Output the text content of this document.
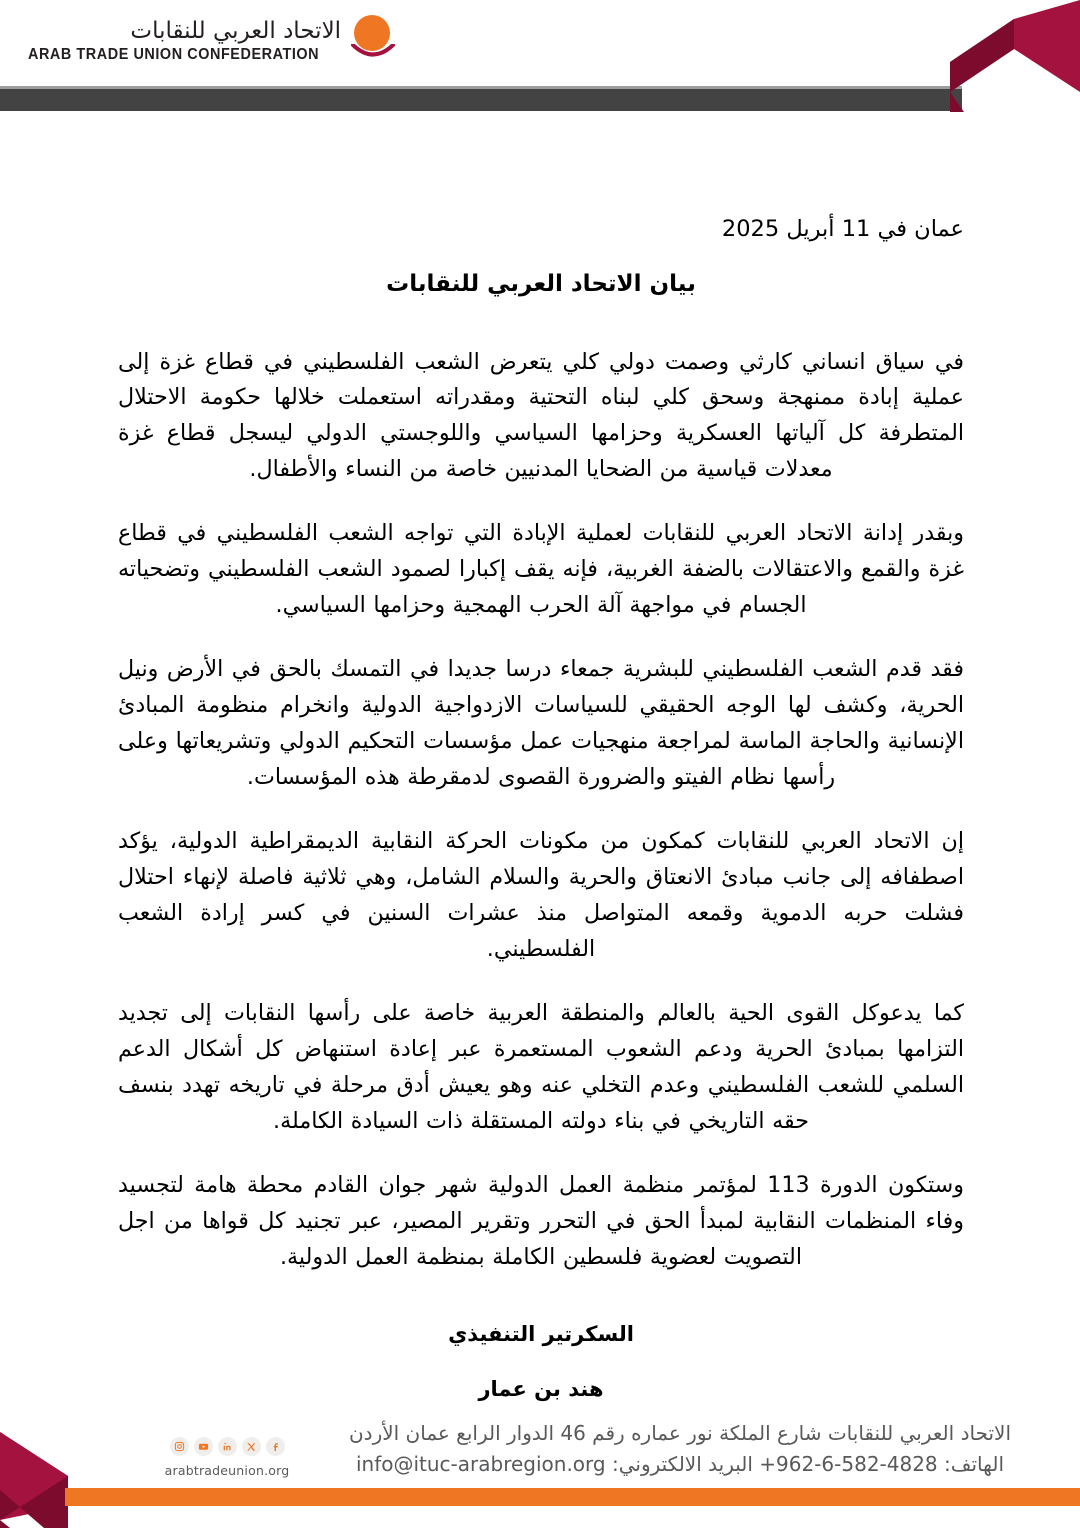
الاتحاد العربي للنقابات
ARAB TRADE UNION CONFEDERATION
عمان في 11 أبريل 2025
بيان الاتحاد العربي للنقابات

في سياق انساني كارثي وصمت دولي كلي يتعرض الشعب الفلسطيني في قطاع غزة إلى عملية إبادة ممنهجة وسحق كلي لبناه التحتية ومقدراته استعملت خلالها حكومة الاحتلال المتطرفة كل آلياتها العسكرية وحزامها السياسي واللوجستي الدولي ليسجل قطاع غزة معدلات قياسية من الضحايا المدنيين خاصة من النساء والأطفال.

وبقدر إدانة الاتحاد العربي للنقابات لعملية الإبادة التي تواجه الشعب الفلسطيني في قطاع غزة والقمع والاعتقالات بالضفة الغربية، فإنه يقف إكبارا لصمود الشعب الفلسطيني وتضحياته الجسام في مواجهة آلة الحرب الهمجية وحزامها السياسي.

فقد قدم الشعب الفلسطيني للبشرية جمعاء درسا جديدا في التمسك بالحق في الأرض ونيل الحرية، وكشف لها الوجه الحقيقي للسياسات الازدواجية الدولية وانخرام منظومة المبادئ الإنسانية والحاجة الماسة لمراجعة منهجيات عمل مؤسسات التحكيم الدولي وتشريعاتها وعلى رأسها نظام الفيتو والضرورة القصوى لدمقرطة هذه المؤسسات.

إن الاتحاد العربي للنقابات كمكون من مكونات الحركة النقابية الديمقراطية الدولية، يؤكد اصطفافه إلى جانب مبادئ الانعتاق والحرية والسلام الشامل، وهي ثلاثية فاصلة لإنهاء احتلال فشلت حربه الدموية وقمعه المتواصل منذ عشرات السنين في كسر إرادة الشعب الفلسطيني.

كما يدعوكل القوى الحية بالعالم والمنطقة العربية خاصة على رأسها النقابات إلى تجديد التزامها بمبادئ الحرية ودعم الشعوب المستعمرة عبر إعادة استنهاض كل أشكال الدعم السلمي للشعب الفلسطيني وعدم التخلي عنه وهو يعيش أدق مرحلة في تاريخه تهدد بنسف حقه التاريخي في بناء دولته المستقلة ذات السيادة الكاملة.

وستكون الدورة 113 لمؤتمر منظمة العمل الدولية شهر جوان القادم محطة هامة لتجسيد وفاء المنظمات النقابية لمبدأ الحق في التحرر وتقرير المصير، عبر تجنيد كل قواها من اجل التصويت لعضوية فلسطين الكاملة بمنظمة العمل الدولية.

السكرتير التنفيذي
هند بن عمار
arabtradeunion.org
الاتحاد العربي للنقابات شارع الملكة نور عماره رقم 46 الدوار الرابع عمان الأردن
الهاتف: +962-6-582-4828 البريد الالكتروني: info@ituc-arabregion.org
